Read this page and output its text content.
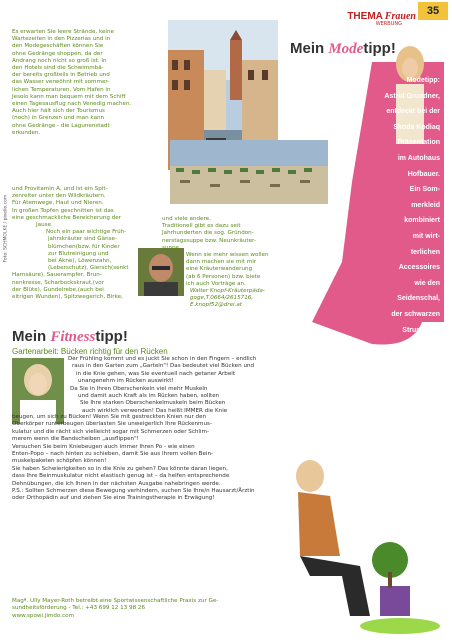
THEMA Frauen
WERBUNG
35
Foto: SCHMOLKE / pixelio.com

Es erwarten Sie leere Strände, keine

Wartezeiten in den Pizzerias und in

den Modegeschäften können Sie

ohne Gedränge shoppen, da der

Andrang noch nicht so groß ist. In

den Hotels sind die Schwimmbä-

der bereits großteils in Betrieb und

das Wasser verwöhnt mit sommer-

lichen Temperaturen. Vom Hafen in

Jesolo kann man bequem mit dem Schiff

einen Tagesausflug nach Venedig machen.

Auch hier hält sich der Tourismus

(noch) in Grenzen und man kann

ohne Gedränge - die Lagunenstadt

erkunden.

Mein Modetipp!

Modetipp:

Astrid Grundner,

entdeckt bei der

Skoda Kodiaq

Präsentation

im Autohaus

Hofbauer.

Ein Som-

merkleid

kombiniert

mit wirt-

terlichen

Accessoires

wie den

Seidenschal,

der schwarzen

Strumpfho-

se und den

Stiefletten.

Dazu eine

schwarze

Handta-

sche und

und Provitamin A, und ist ein Spit-

zenreiter unter den Wildkräutern.

Für Atemwege, Haut und Nieren.

In großen Topfen geschnitten ist das

eine geschmackliche Bereicherung der

Jause.

Noch ein paar wichtige Früh-

jahrskräuter sind Gänse-

blümchen(bzw. für Kinder

zur Blutreinigung und

bei Akne), Löwenzahn,

(Leberschutz), Giersch(senkt

Harnsäure), Sauerampfer, Brun-

nenkresse, Scharbockskraut,(vor

der Blüte), Gundelrebe,(auch bei

eitrigen Wunden), Spitzwegerich, Birke,

und viele andere.

Traditionell gibt es dazu seit

Jahrhunderten die sog. Gründon-

nerstagssuppe bzw. Neunkräuter-

suppe.

Wenn sie mehr wissen wollen

dann machen sie mit mir

eine Kräuterwanderung

(ab 6 Personen) bzw. biete

ich auch Vorträge an.

Walter Knopf-Kräuterpäda-

goge,T.0664/2615716,

E.knopf52@drei.at

Mein Fitnesstipp!
Gartenarbeit: Bücken richtig für den Rücken

Der Frühling kommt und es juckt Sie schon in den Fingern – endlich

raus in den Garten zum „Garteln"! Das bedeutet viel Bücken und

in die Knie gehen, was Sie eventuell nach getaner Arbeit

unangenehm im Rücken auswirkt!

Da Sie in Ihren Oberschenkeln viel mehr Muskeln

und damit auch Kraft als im Rücken haben, sollten

Sie Ihre starken Oberschenkelmuskeln beim Bücken

auch wirklich verwenden! Das heißt IMMER die Knie

beugen, um sich zu Bücken! Wenn Sie mit gestreckten Knien nur den

Oberkörper runterbeugen überlasten Sie unweigerlich Ihre Rückenmus-

kulatur und die rächt sich vielleicht sogar mit Schmerzen oder Schlim-

merem wenn die Bandscheiben „ausflippen"!

Versuchen Sie beim Kniebeugen auch immer Ihren Po - wie einen

Enten-Popo – nach hinten zu schieben, damit Sie aus Ihrem vollen Bein-

muskelpaketen schöpfen können!

Sie haben Schwierigkeiten so in die Knie zu gehen? Das könnte daran liegen,

dass Ihre Beinmuskulatur nicht elastisch genug ist – da helfen entsprechende

Dehnübungen, die ich Ihnen in der nächsten Ausgabe nahebringen werde.

P.S.: Sollten Schmerzen diese Bewegung verhindern, suchen Sie Ihre/n Hausarzt/Ärztin

oder Orthopädin auf und ziehen Sie eine Trainingstherapie in Erwägung!

Magª. Ully Mayer-Roth betreibt eine Sportwissenschaftliche Praxis zur Ge-

sundheitsförderung - Tel.: +43 699 12 13 98 26

www.spowi.jimdo.com
